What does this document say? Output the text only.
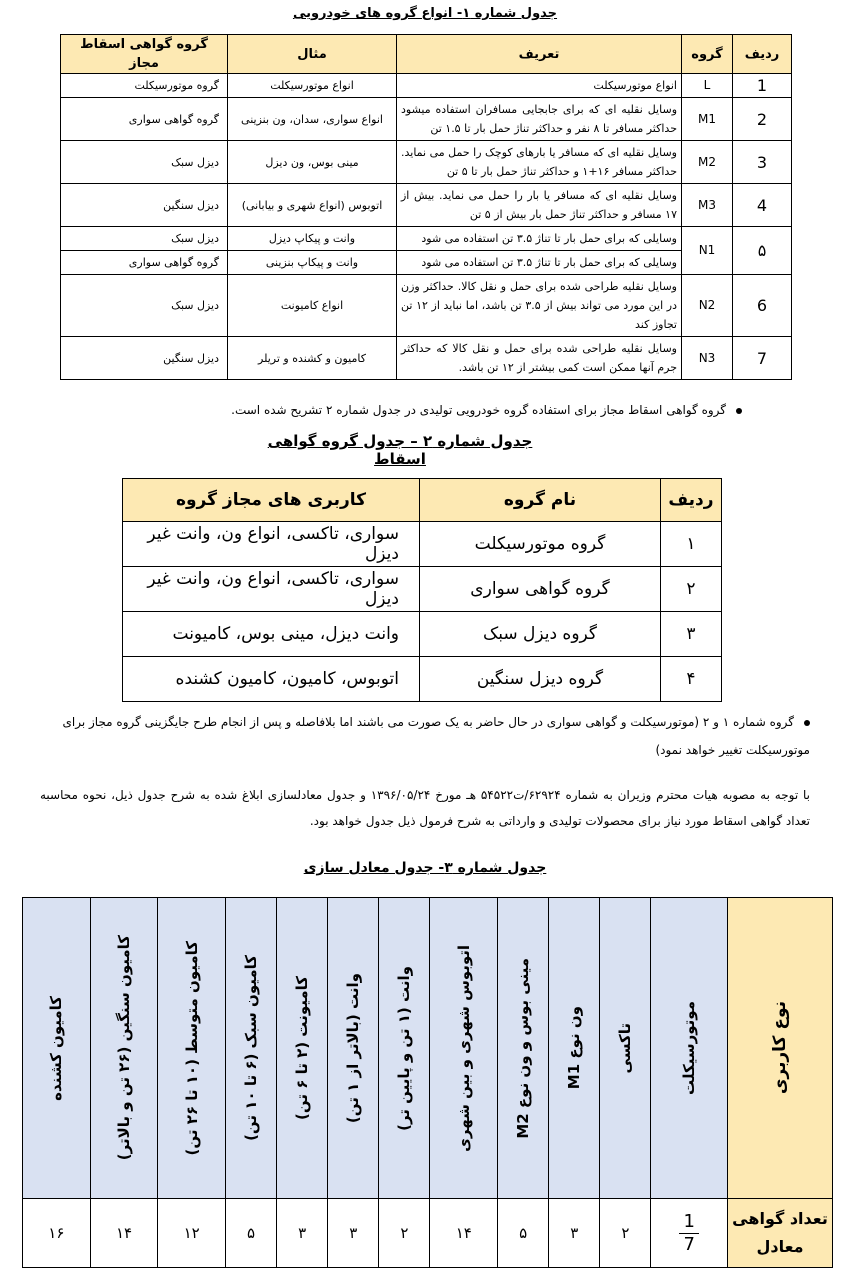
جدول شماره ۱- انواع گروه های خودرویی
ردیف	گروه	تعریف	مثال	گروه گواهی اسقاط مجاز
1	L	انواع موتورسیکلت	انواع موتورسیکلت	گروه موتورسیکلت
2	M1	وسایل نقلیه ای که برای جابجایی مسافران استفاده میشود حداکثر مسافر تا ۸ نفر و حداکثر تناژ حمل بار تا ۱.۵ تن	انواع سواری، سدان، ون بنزینی	گروه گواهی سواری
3	M2	وسایل نقلیه ای که مسافر یا بارهای کوچک را حمل می نماید. حداکثر مسافر ۱۶+۱ و حداکثر تناژ حمل بار تا ۵ تن	مینی بوس، ون دیزل	دیزل سبک
4	M3	وسایل نقلیه ای که مسافر یا بار را حمل می نماید. بیش از ۱۷ مسافر و حداکثر تناژ حمل بار بیش از ۵ تن	اتوبوس (انواع شهری و بیابانی)	دیزل سنگین
۵	N1	وسایلی که برای حمل بار تا تناژ ۳.۵ تن استفاده می شود	وانت و پیکاپ دیزل	دیزل سبک
		وسایلی که برای حمل بار تا تناژ ۳.۵ تن استفاده می شود	وانت و پیکاپ بنزینی	گروه گواهی سواری
6	N2	وسایل نقلیه طراحی شده برای حمل و نقل کالا. حداکثر وزن در این مورد می تواند بیش از ۳.۵ تن باشد، اما نباید از ۱۲ تن تجاوز کند	انواع کامیونت	دیزل سبک
7	N3	وسایل نقلیه طراحی شده برای حمل و نقل کالا که حداکثر جرم آنها ممکن است کمی بیشتر از ۱۲ تن باشد.	کامیون و کشنده و تریلر	دیزل سنگین
گروه گواهی اسقاط مجاز برای استفاده گروه خودرویی تولیدی در جدول شماره ۲ تشریح شده است.
جدول شماره ۲ – جدول گروه گواهی اسقاط
ردیف	نام گروه	کاربری های مجاز گروه
١	گروه موتورسیکلت	سواری، تاکسی، انواع ون، وانت غیر دیزل
٢	گروه گواهی سواری	سواری، تاکسی، انواع ون، وانت غیر دیزل
٣	گروه دیزل سبک	وانت دیزل، مینی بوس، کامیونت
۴	گروه دیزل سنگین	اتوبوس، کامیون، کامیون کشنده
گروه شماره ۱ و ۲ (موتورسیکلت و گواهی سواری در حال حاضر به یک صورت می باشند اما بلافاصله و پس از انجام طرح جایگزینی گروه مجاز برای موتورسیکلت تغییر خواهد نمود)
با توجه به مصوبه هیات محترم وزیران به شماره ۶۲۹۲۴/ت۵۴۵۲۲ هـ مورخ ۱۳۹۶/۰۵/۲۴ و جدول معادلسازی ابلاغ شده به شرح جدول ذیل، نحوه محاسبه تعداد گواهی اسقاط مورد نیاز برای محصولات تولیدی و وارداتی به شرح فرمول ذیل جدول خواهد بود.
جدول شماره ۳- جدول معادل سازی
نوع کاربری	موتورسیکلت	تاکسی	ون نوع M1	مینی بوس و ون نوع M2	اتوبوس شهری و بین شهری	وانت (۱ تن و پایین تر)	وانت (بالاتر از ۱ تن)	کامیونت (۲ تا ۶ تن)	کامیون سبک (۶ تا ۱۰ تن)	کامیون متوسط (۱۰ تا ۲۶ تن)	کامیون سنگین (۲۶ تن و بالاتر)	کامیون کشنده

تعداد گواهی معادل	$\frac{1}{7}$	٢	٣	۵	۱۴	٢	٣	٣	۵	۱۲	۱۴	۱۶
